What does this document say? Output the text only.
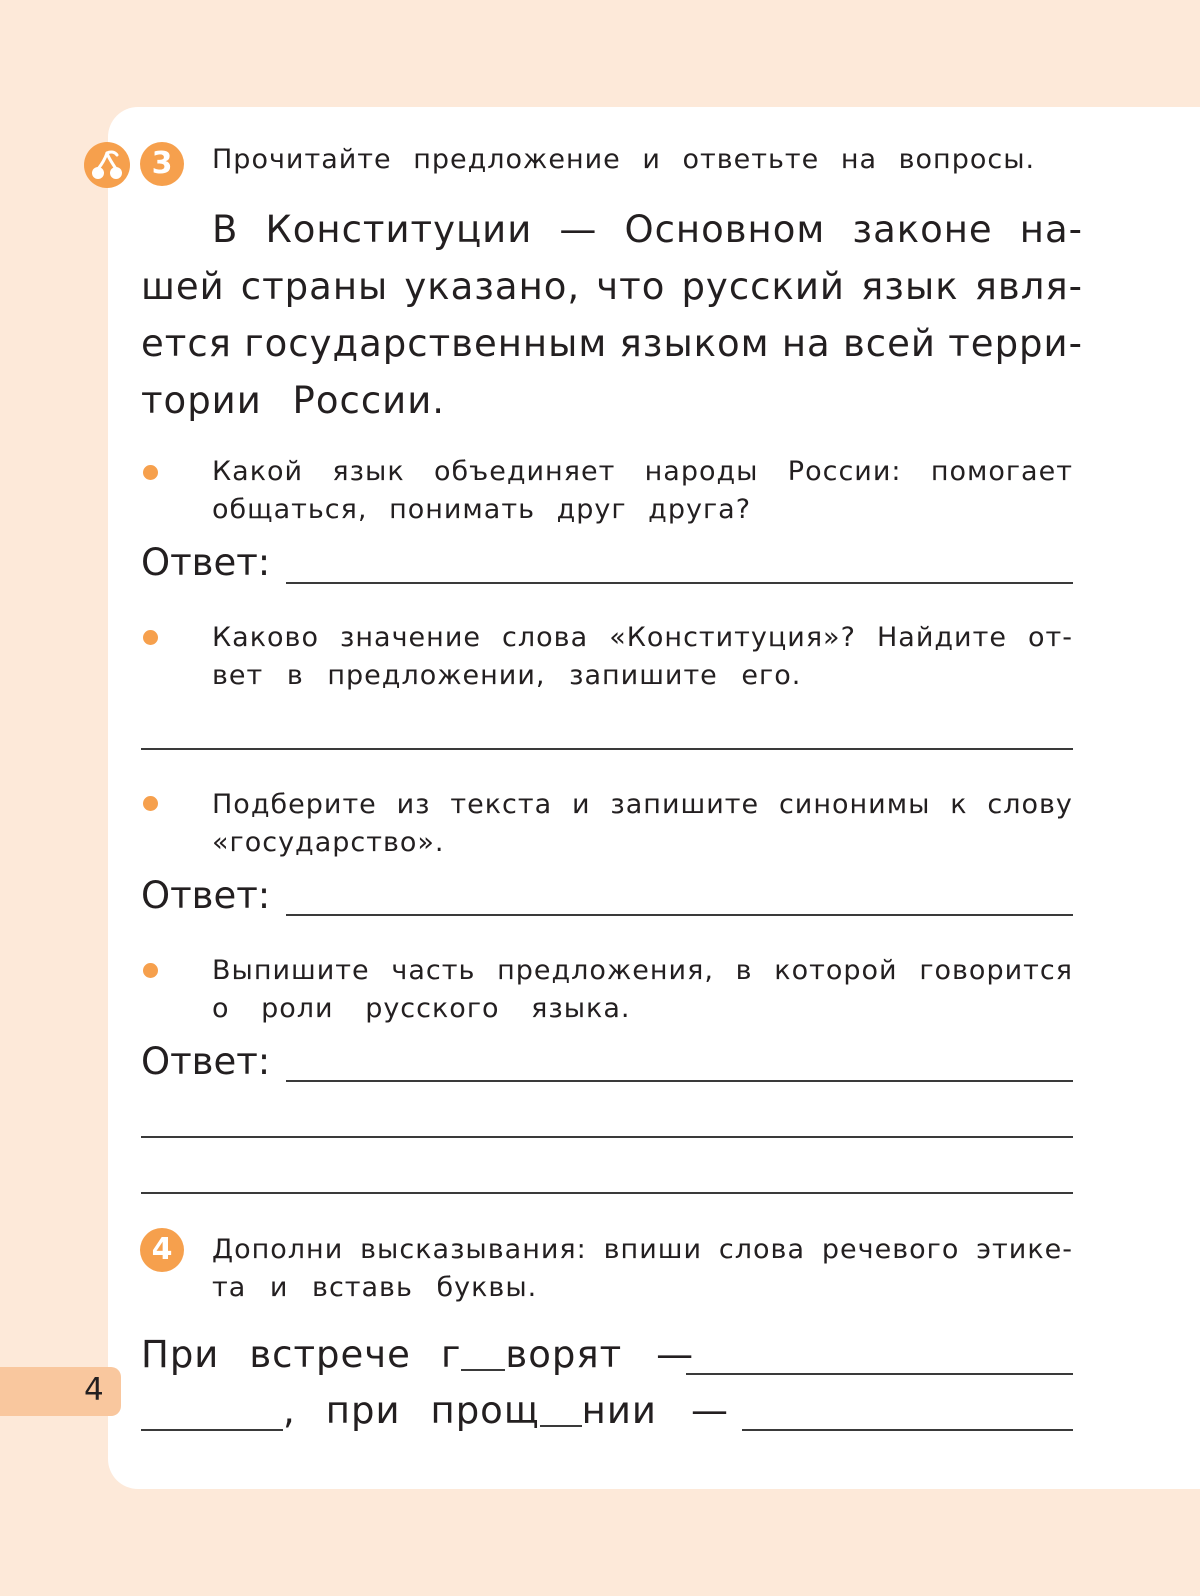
3	Прочитайте предложение и ответьте на вопросы.
В Конституции — Основном законе на-
шей страны указано, что русский язык явля-
ется государственным языком на всей терри-
тории России.
Какой язык объединяет народы России: помогает
общаться, понимать друг друга?
Ответ:
Каково значение слова «Конституция»? Найдите от-
вет в предложении, запишите его.
Подберите из текста и запишите синонимы к слову
«государство».
Ответ:
Выпишите часть предложения, в которой говорится
о роли русского языка.
Ответ:
4	Дополни высказывания: впиши слова речевого этике-
та и вставь буквы.
При встрече г ворят —
, при прощ нии —
4
